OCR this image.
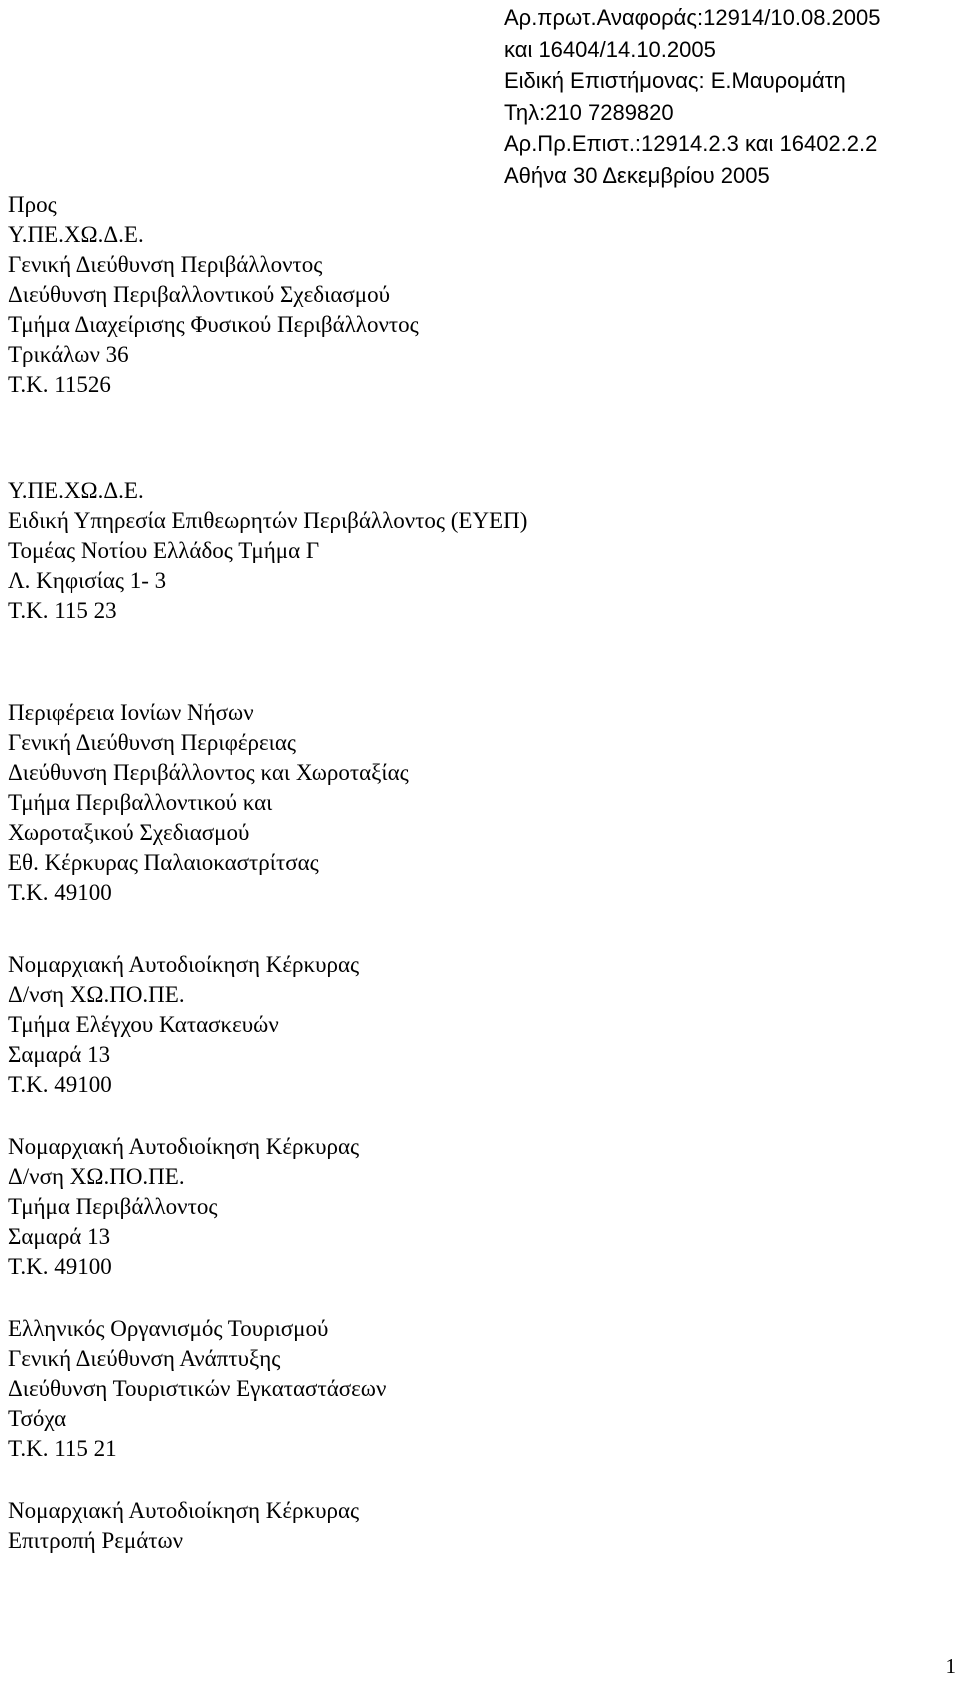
Αρ.πρωτ.Αναφοράς:12914/10.08.2005
και 16404/14.10.2005
Ειδική Επιστήμονας: Ε.Μαυρομάτη
Τηλ:210 7289820
Αρ.Πρ.Επιστ.:12914.2.3 και 16402.2.2
Αθήνα 30 Δεκεμβρίου 2005
Προς
Υ.ΠΕ.ΧΩ.Δ.Ε.
Γενική Διεύθυνση Περιβάλλοντος
Διεύθυνση Περιβαλλοντικού Σχεδιασμού
Τμήμα Διαχείρισης Φυσικού Περιβάλλοντος
Τρικάλων 36
Τ.Κ. 11526
Υ.ΠΕ.ΧΩ.Δ.Ε.
Ειδική Υπηρεσία Επιθεωρητών Περιβάλλοντος (ΕΥΕΠ)
Τομέας Νοτίου Ελλάδος Τμήμα Γ
Λ. Κηφισίας 1- 3
Τ.Κ. 115 23
Περιφέρεια Ιονίων Νήσων
Γενική Διεύθυνση Περιφέρειας
Διεύθυνση Περιβάλλοντος και Χωροταξίας
Τμήμα Περιβαλλοντικού και
Χωροταξικού Σχεδιασμού
Εθ. Κέρκυρας Παλαιοκαστρίτσας
Τ.Κ. 49100
Νομαρχιακή Αυτοδιοίκηση Κέρκυρας
Δ/νση ΧΩ.ΠΟ.ΠΕ.
Τμήμα Ελέγχου Κατασκευών
Σαμαρά 13
Τ.Κ. 49100
Νομαρχιακή Αυτοδιοίκηση Κέρκυρας
Δ/νση ΧΩ.ΠΟ.ΠΕ.
Τμήμα Περιβάλλοντος
Σαμαρά 13
Τ.Κ. 49100
Ελληνικός Οργανισμός Τουρισμού
Γενική Διεύθυνση Ανάπτυξης
Διεύθυνση Τουριστικών Εγκαταστάσεων
Τσόχα
Τ.Κ. 115 21
Νομαρχιακή Αυτοδιοίκηση Κέρκυρας
Επιτροπή Ρεμάτων
1
